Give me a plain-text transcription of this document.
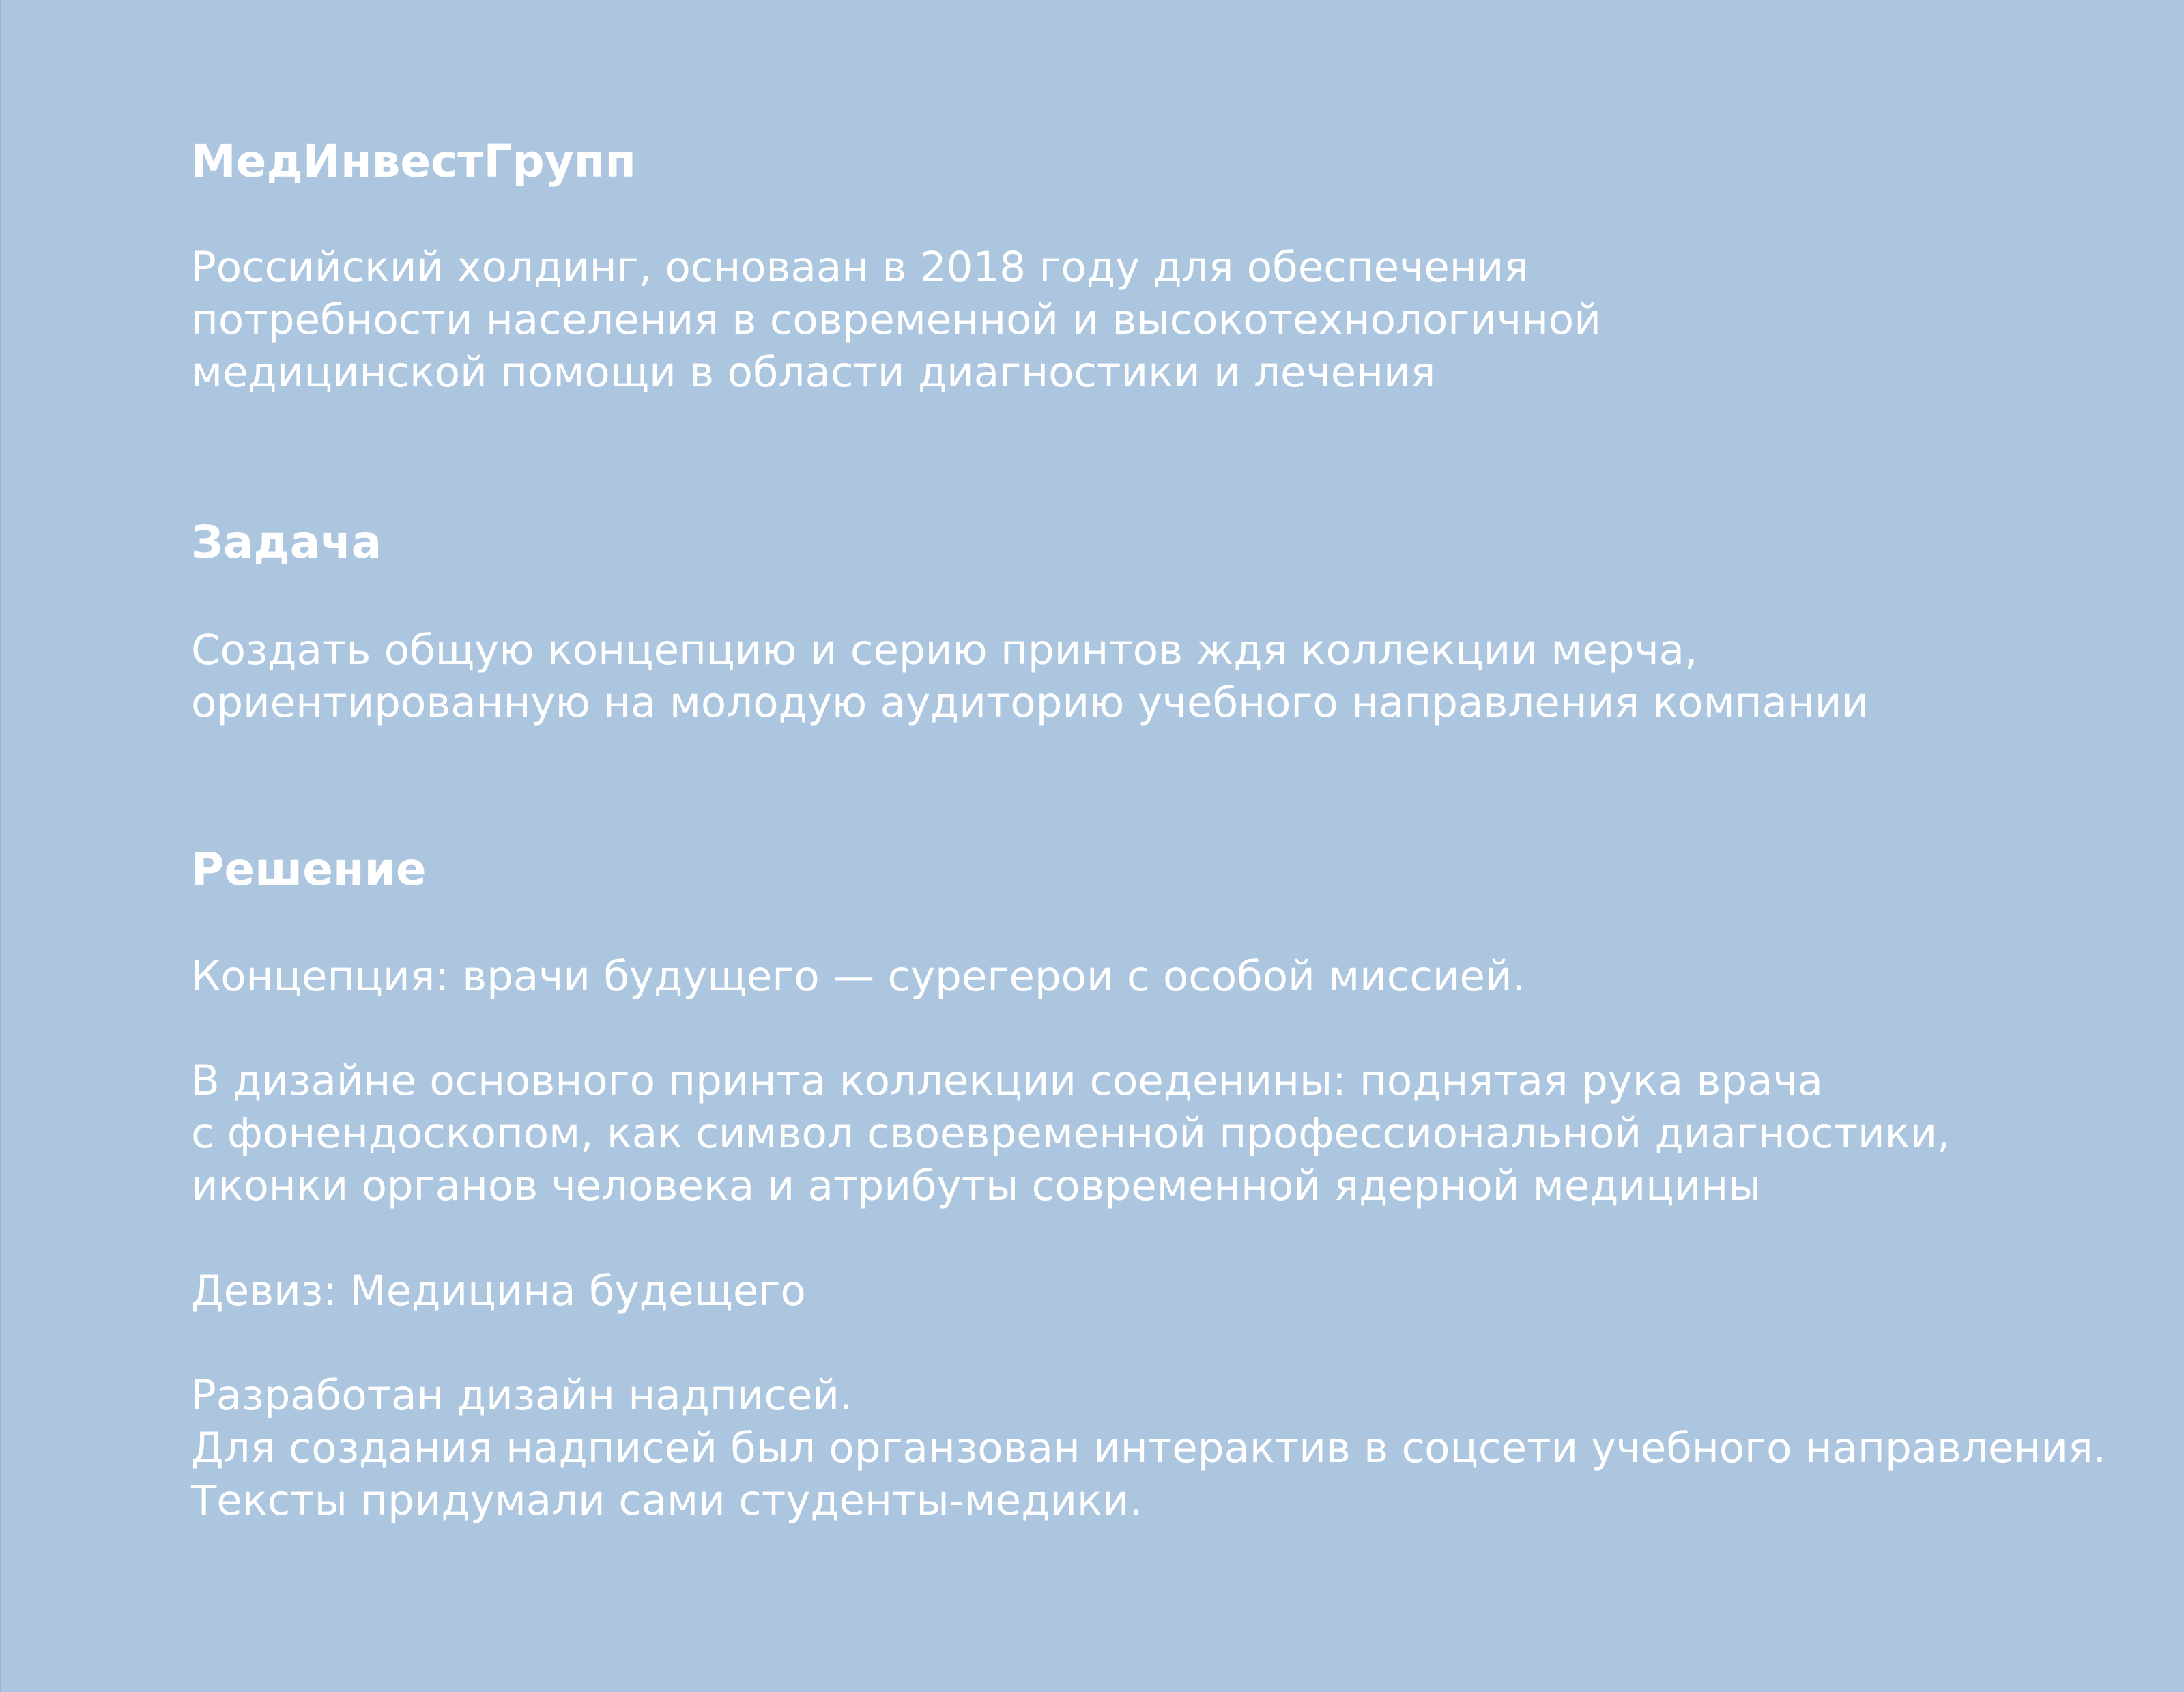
МедИнвестГрупп

Российский холдинг, основаан в 2018 году для обеспечения
потребности населения в современной и высокотехнологичной
медицинской помощи в области диагностики и лечения

Задача

Создать общую концепцию и серию принтов ждя коллекции мерча,
ориентированную на молодую аудиторию учебного направления компании

Решение

Концепция: врачи будущего — сурегерои с особой миссией.

В дизайне основного принта коллекции соеденины: поднятая рука врача
с фонендоскопом, как символ своевременной профессиональной диагностики,
иконки органов человека и атрибуты современной ядерной медицины

Девиз: Медицина будещего

Разработан дизайн надписей.
Для создания надписей был органзован интерактив в соцсети учебного направления.
Тексты придумали сами студенты-медики.
